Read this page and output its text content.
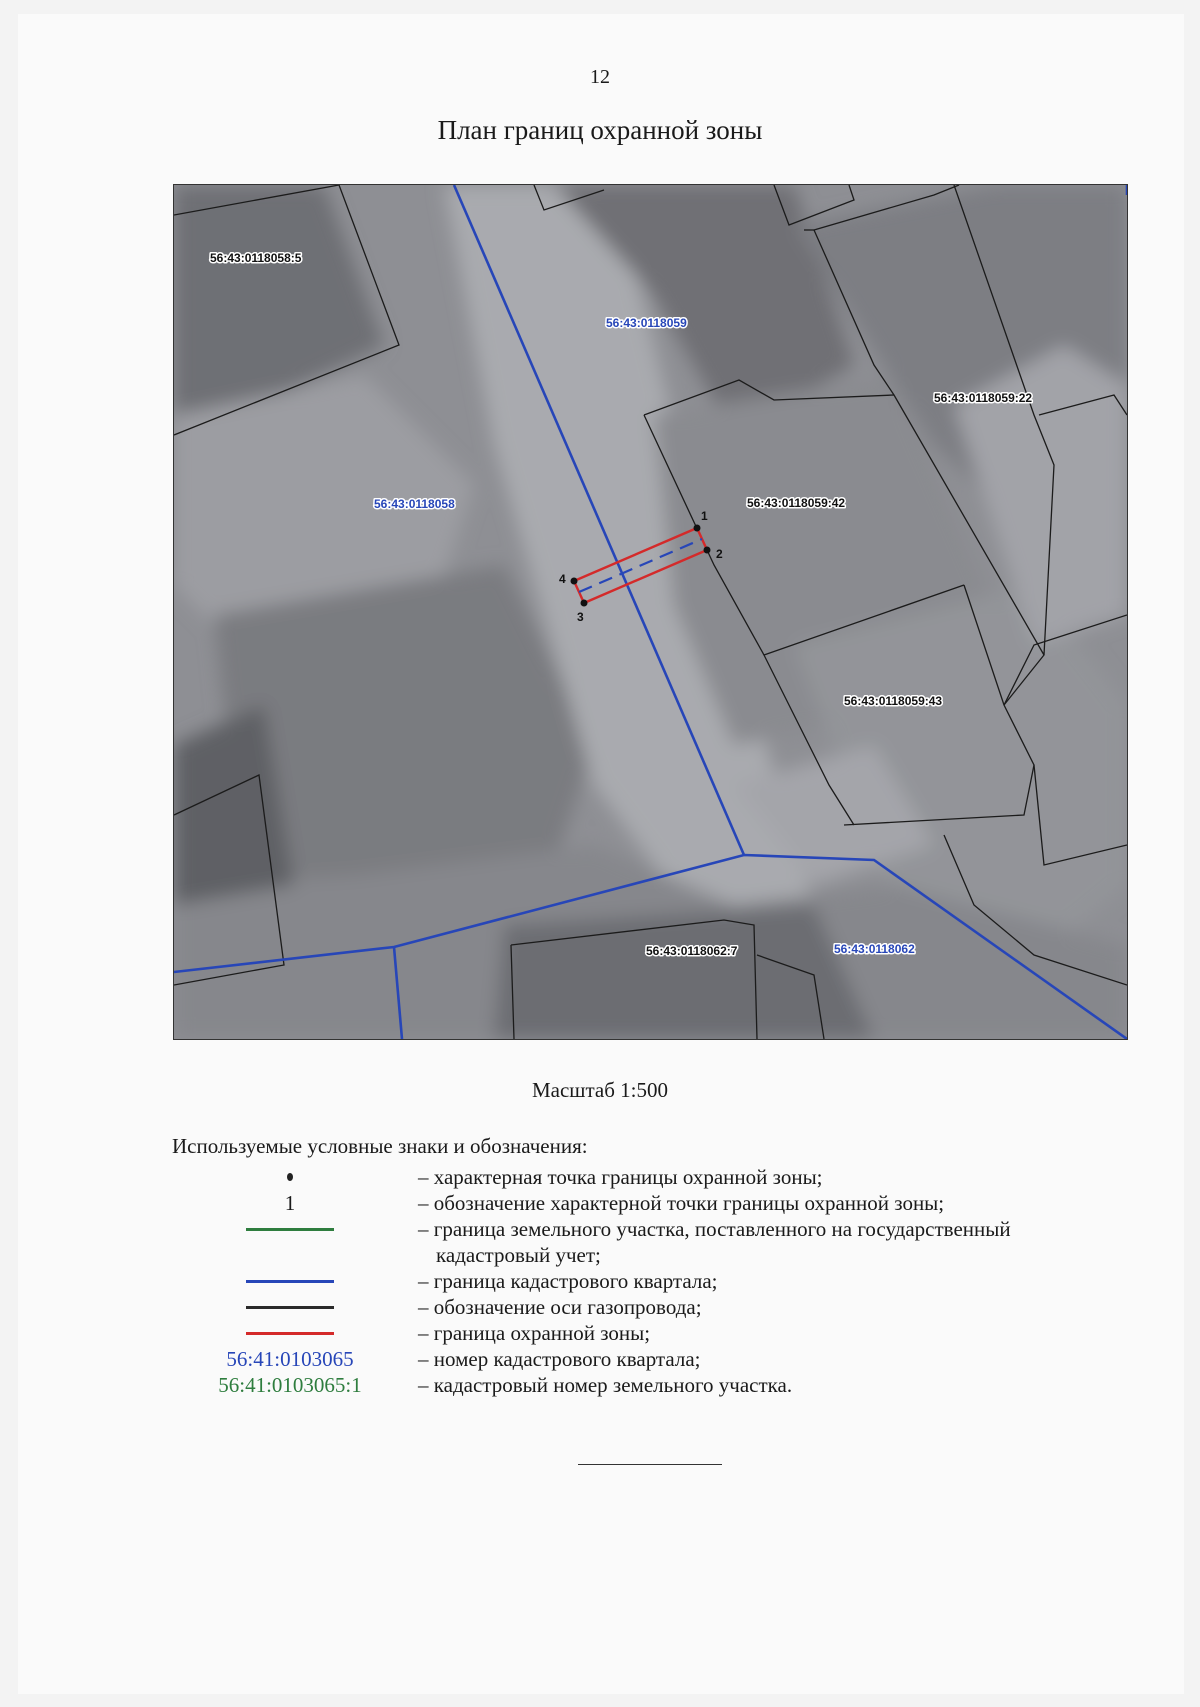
12
План границ охранной зоны
1
2
3
4
56:43:0118058:5
56:43:0118059
56:43:0118059:22
56:43:0118058	56:43:0118059:42
56:43:0118059:43
56:43:0118062:7	56:43:0118062
Масштаб 1:500
Используемые условные знаки и обозначения:
– характерная точка границы охранной зоны;
1	– обозначение характерной точки границы охранной зоны;
– граница земельного участка, поставленного на государственный
кадастровый учет;
– граница кадастрового квартала;
– обозначение оси газопровода;
– граница охранной зоны;
56:41:0103065	– номер кадастрового квартала;
56:41:0103065:1	– кадастровый номер земельного участка.
